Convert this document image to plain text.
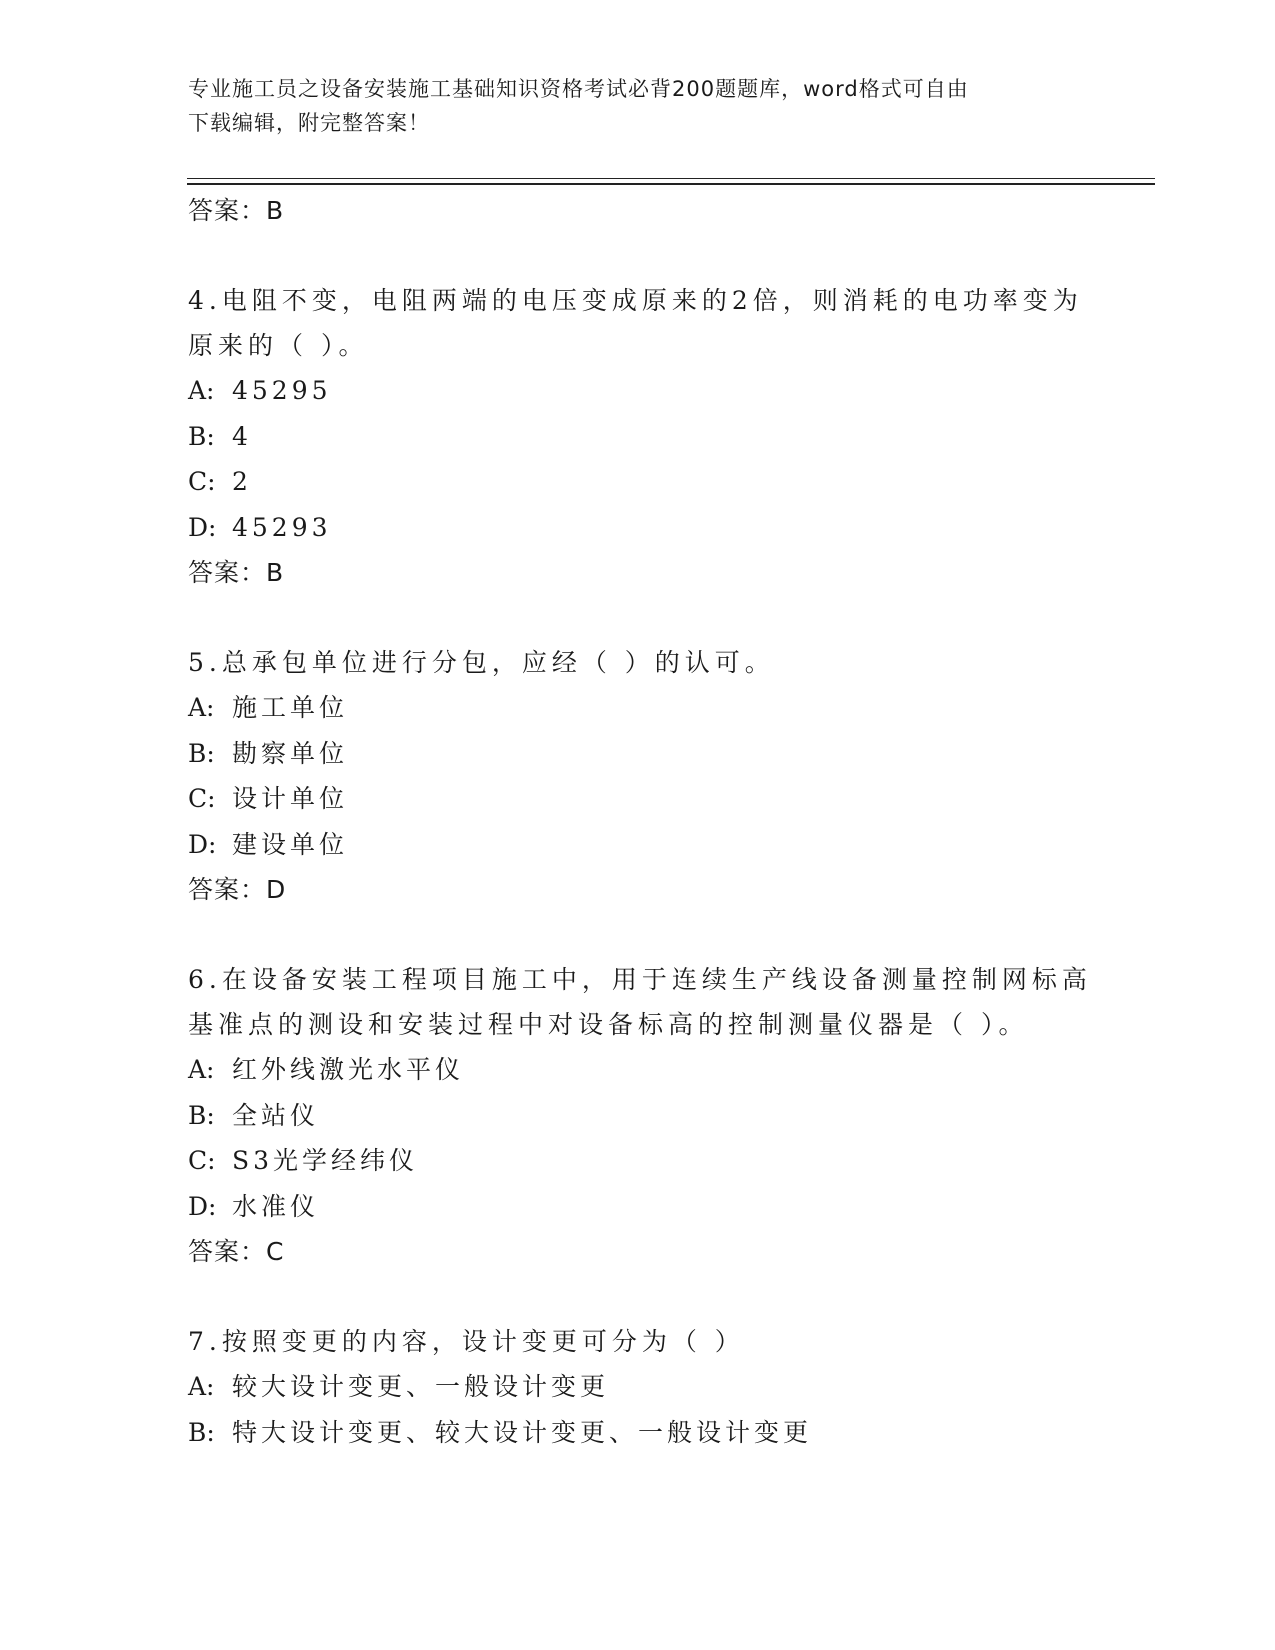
专业施工员之设备安装施工基础知识资格考试必背200题题库，word格式可自由
下载编辑，附完整答案！
答案：B
4.电阻不变，电阻两端的电压变成原来的2倍，则消耗的电功率变为
原来的（ ）。
A: 45295
B: 4
C: 2
D: 45293
答案：B
5.总承包单位进行分包，应经（ ）的认可。
A: 施工单位
B: 勘察单位
C: 设计单位
D: 建设单位
答案：D
6.在设备安装工程项目施工中，用于连续生产线设备测量控制网标高
基准点的测设和安装过程中对设备标高的控制测量仪器是（ ）。
A: 红外线激光水平仪
B: 全站仪
C: S3光学经纬仪
D: 水准仪
答案：C
7.按照变更的内容，设计变更可分为（ ）
A: 较大设计变更、一般设计变更
B: 特大设计变更、较大设计变更、一般设计变更
